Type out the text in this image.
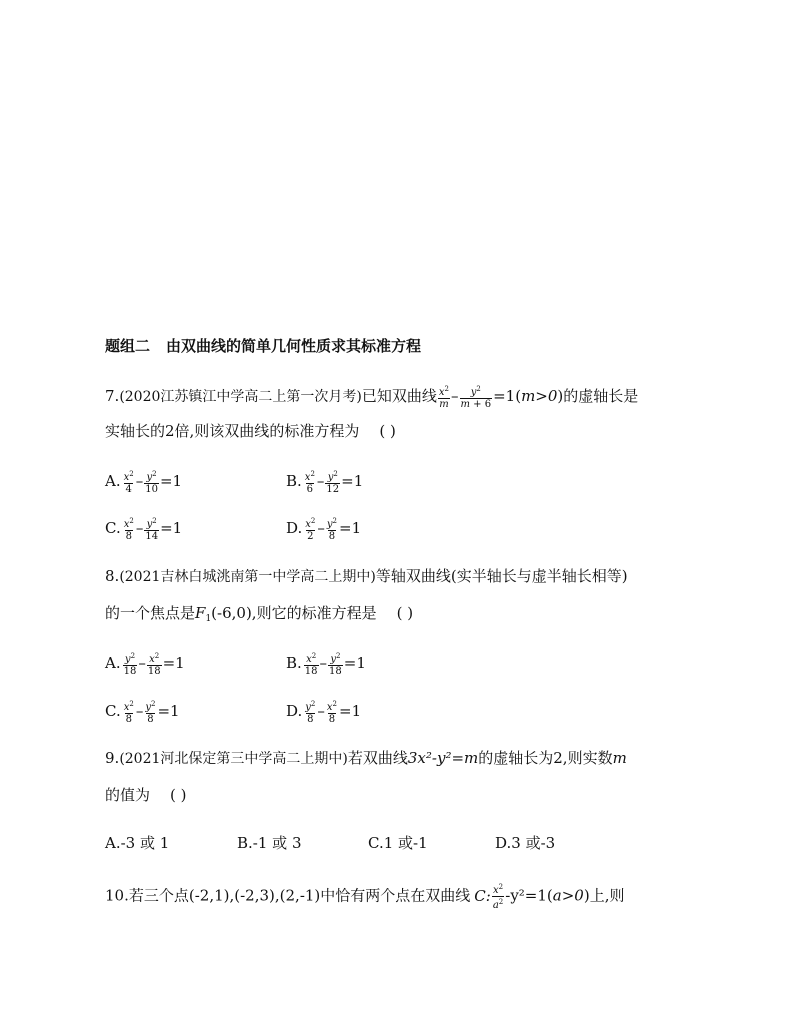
题组二 由双曲线的简单几何性质求其标准方程
7.(2020江苏镇江中学高二上第一次月考)已知双曲线 $\frac{x^2}{m} - \frac{y^2}{m + 6} =1(m>0)$的虚轴长是
实轴长的2倍,则该双曲线的标准方程为 ( )
A. $\frac{x^2}{4} - \frac{y^2}{10} =1$	B. $\frac{x^2}{6} - \frac{y^2}{12} =1$
C. $\frac{x^2}{8} - \frac{y^2}{14} =1$	D. $\frac{x^2}{2} - \frac{y^2}{8} =1$
8.(2021吉林白城洮南第一中学高二上期中)等轴双曲线(实半轴长与虚半轴长相等)
的一个焦点是$F_1(-6,0)$,则它的标准方程是 ( )
A. $\frac{y^2}{18} - \frac{x^2}{18} =1$	B. $\frac{x^2}{18} - \frac{y^2}{18} =1$
C. $\frac{x^2}{8} - \frac{y^2}{8} =1$	D. $\frac{y^2}{8} - \frac{x^2}{8} =1$
9.(2021河北保定第三中学高二上期中)若双曲线3x²-y²=m的虚轴长为2,则实数m
的值为 ( )
A.-3 或 1	B.-1 或 3	C.1 或-1	D.3 或-3
10.若三个点(-2,1),(-2,3),(2,-1)中恰有两个点在双曲线 C: $\frac{x^2}{a^2} -y^2=1(a>0)$上,则
